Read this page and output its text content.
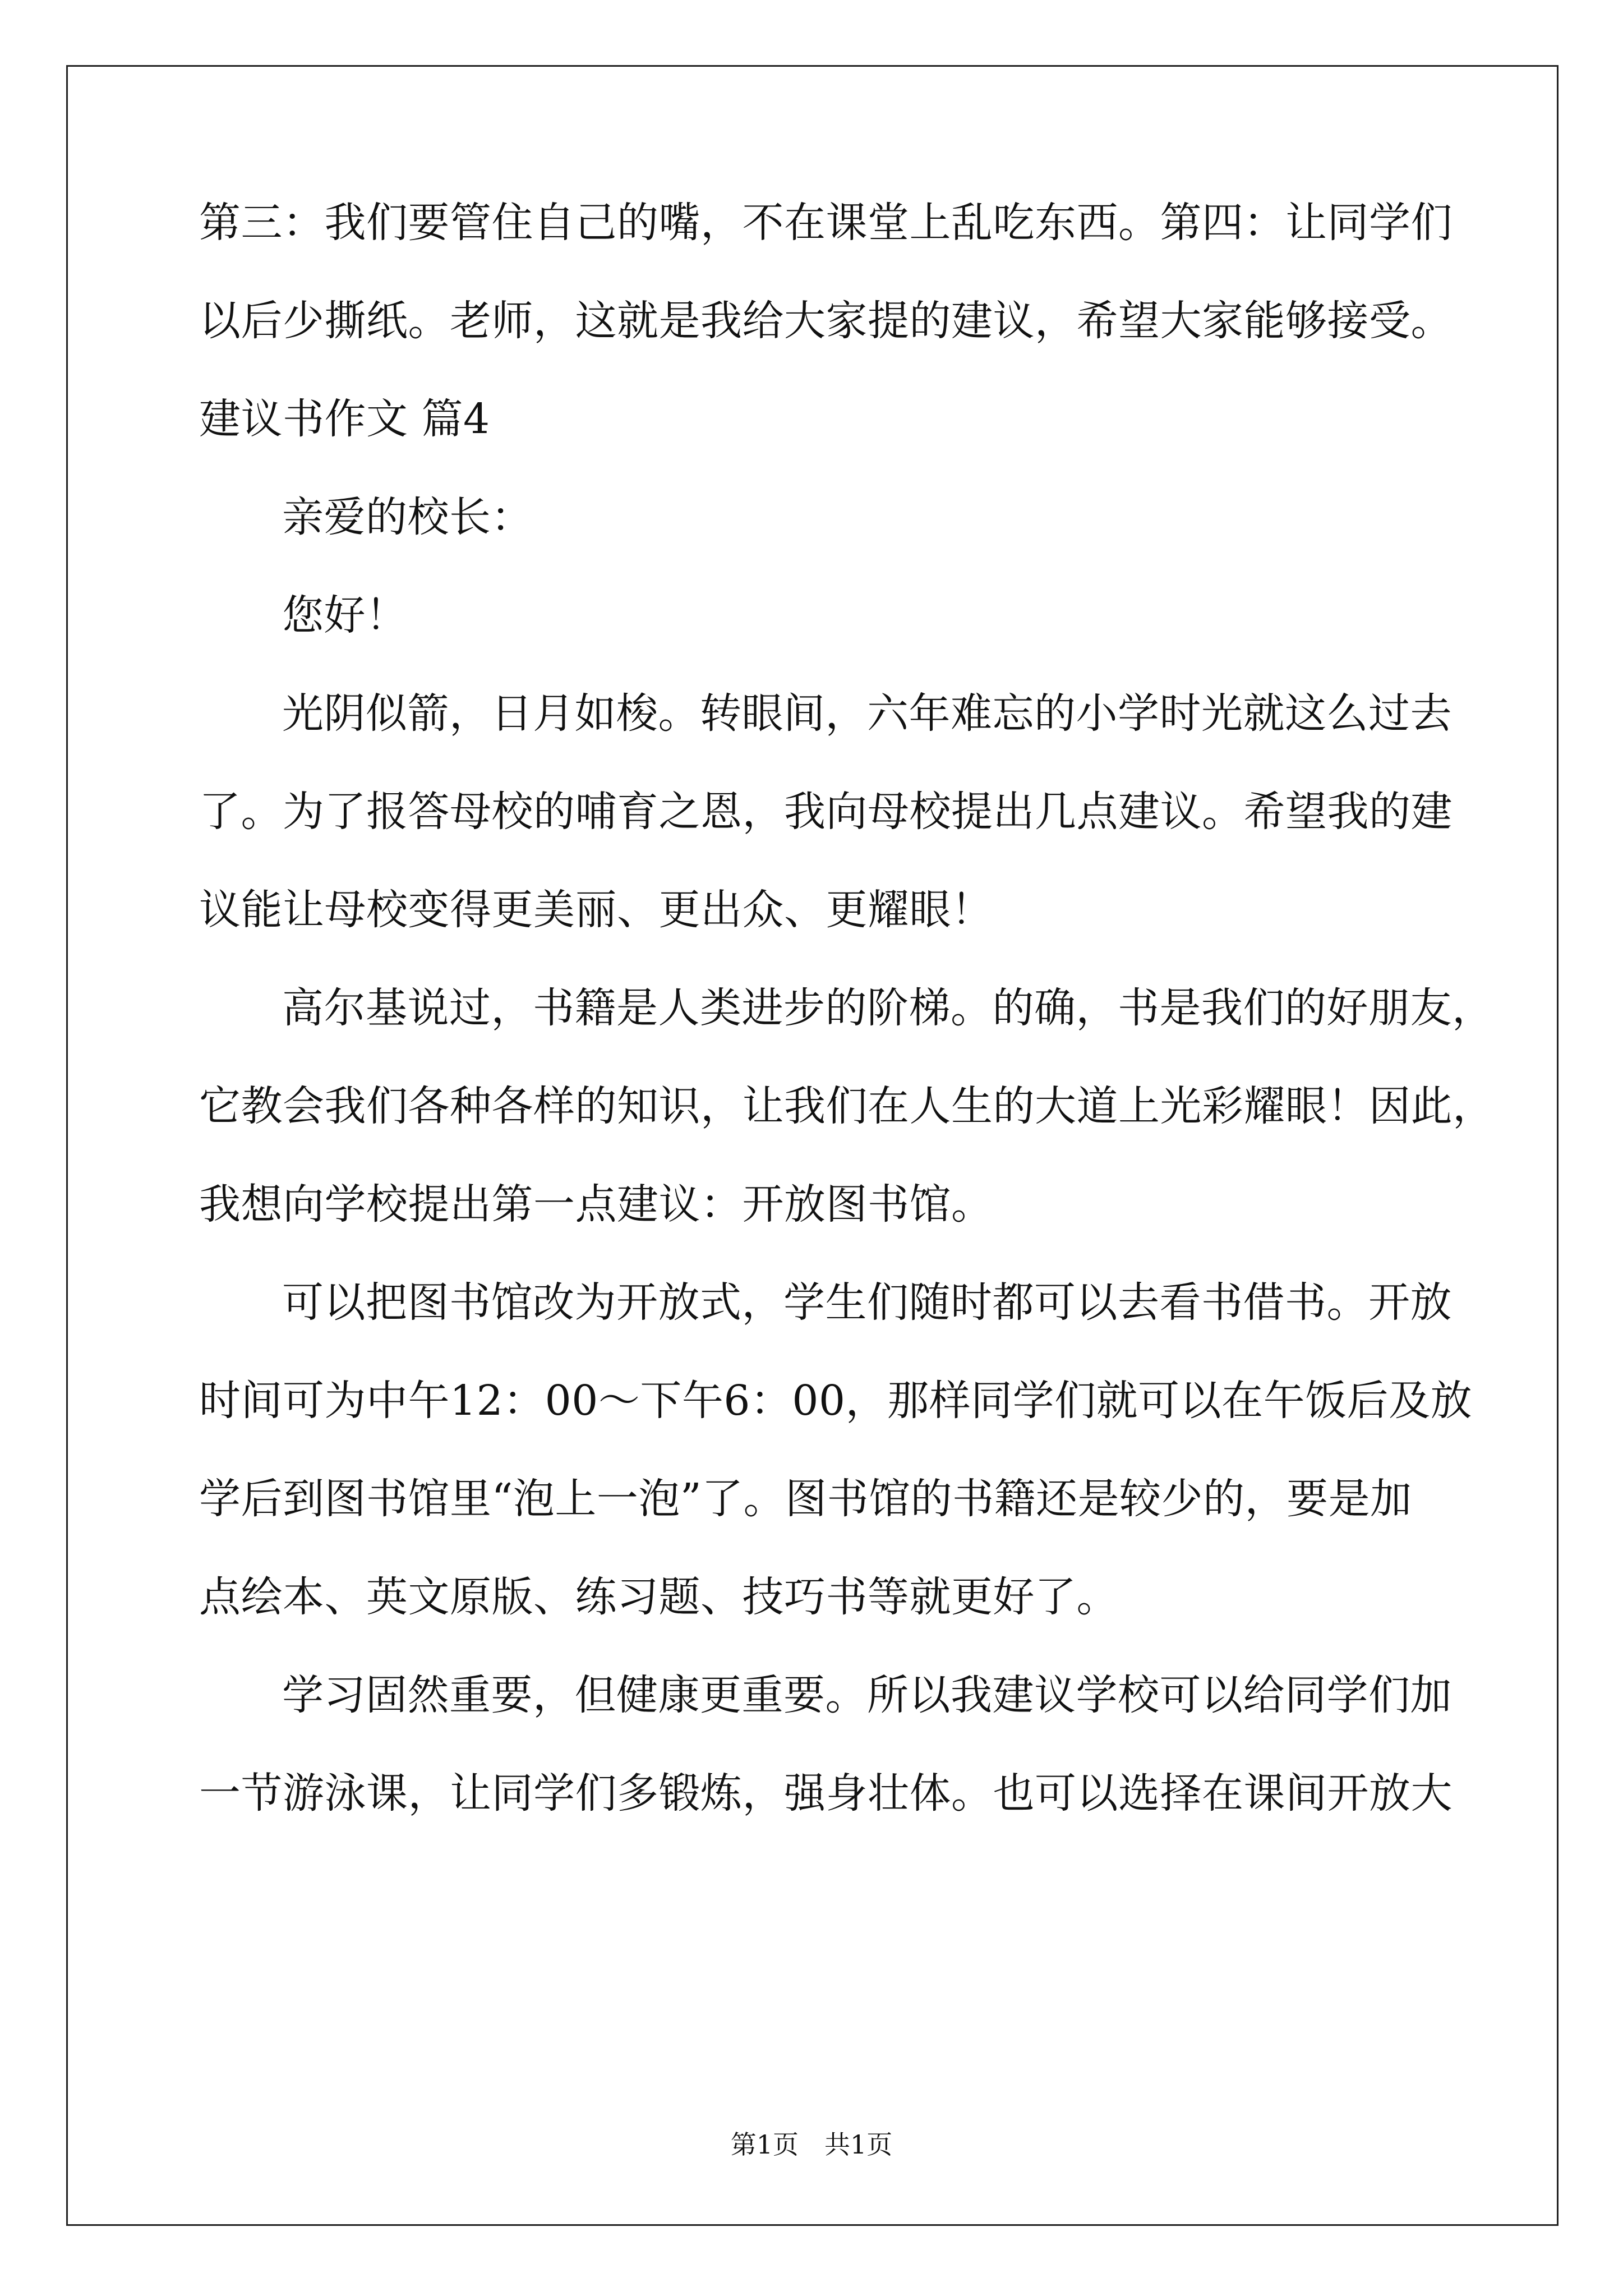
第三：我们要管住自己的嘴，不在课堂上乱吃东西。第四：让同学们
以后少撕纸。老师，这就是我给大家提的建议，希望大家能够接受。
建议书作文 篇4
亲爱的校长：
您好！
光阴似箭，日月如梭。转眼间，六年难忘的小学时光就这么过去
了。为了报答母校的哺育之恩，我向母校提出几点建议。希望我的建
议能让母校变得更美丽、更出众、更耀眼！
高尔基说过，书籍是人类进步的阶梯。的确，书是我们的好朋友，
它教会我们各种各样的知识，让我们在人生的大道上光彩耀眼！因此，
我想向学校提出第一点建议：开放图书馆。
可以把图书馆改为开放式，学生们随时都可以去看书借书。开放
时间可为中午12：00～下午6：00，那样同学们就可以在午饭后及放
学后到图书馆里“泡上一泡”了。图书馆的书籍还是较少的，要是加
点绘本、英文原版、练习题、技巧书等就更好了。
学习固然重要，但健康更重要。所以我建议学校可以给同学们加
一节游泳课，让同学们多锻炼，强身壮体。也可以选择在课间开放大
第1页　共1页
